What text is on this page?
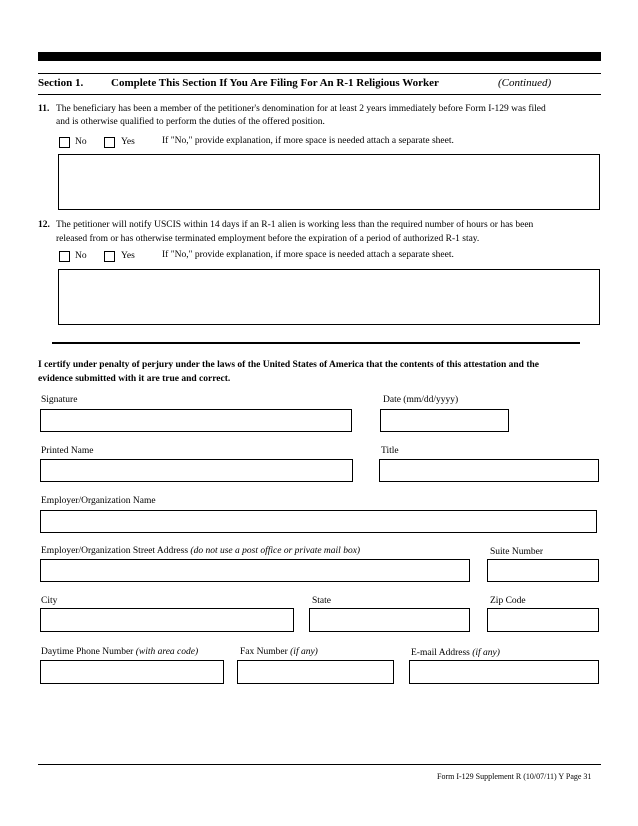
Section 1.	Complete This Section If You Are Filing For An R-1 Religious Worker	(Continued)
11. The beneficiary has been a member of the petitioner's denomination for at least 2 years immediately before Form I-129 was filed
and is otherwise qualified to perform the duties of the offered position.
No	Yes	If "No," provide explanation, if more space is needed attach a separate sheet.
12. The petitioner will notify USCIS within 14 days if an R-1 alien is working less than the required number of hours or has been
released from or has otherwise terminated employment before the expiration of a period of authorized R-1 stay.
No	Yes	If "No," provide explanation, if more space is needed attach a separate sheet.
I certify under penalty of perjury under the laws of the United States of America that the contents of this attestation and the
evidence submitted with it are true and correct.
Signature	Date (mm/dd/yyyy)
Printed Name	Title
Employer/Organization Name
Employer/Organization Street Address (do not use a post office or private mail box)	Suite Number
City	State	Zip Code
Daytime Phone Number (with area code)	Fax Number (if any)	E-mail Address (if any)
Form I-129 Supplement R (10/07/11) Y Page 31
